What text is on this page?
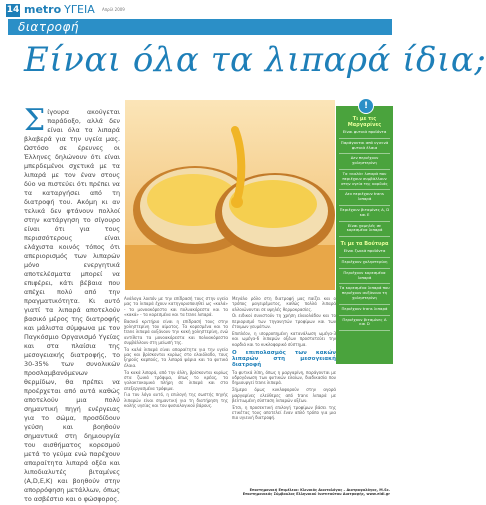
14 metro ΥΓΕΙΑ Απρίλ 2009
διατροφή
Είναι όλα τα λιπαρά ίδια;
Σίγουρα ακούγεται παράδοξο, αλλά δεν είναι όλα τα λιπαρά βλαβερά για την υγεία μας. Ωστόσο σε έρευνες οι Έλληνες δηλώνουν ότι είναι μπερδεμένοι σχετικά με τα λιπαρά με τον έναν στους δύο να πιστεύει ότι πρέπει να τα καταργήσει από τη διατροφή του. Ακόμη κι αν τελικά δεν φτάνουν πολλοί στην κατάργηση το σίγουρο είναι ότι για τους περισσότερους είναι ελάχιστα κοινός τόπος ότι απεριορισμός των λιπαρών μόνο ενεργητικά αποτελέσματα μπορεί να επιφέρει, κάτι βέβαια που απέχει πολύ από την πραγματικότητα. Κι αυτό γιατί τα λιπαρά αποτελούν βασικό μέρος της διατροφής και μάλιστα σύμφωνα με τον Παγκόσμιο Οργανισμό Υγείας και στα πλαίσια της μεσογειακής διατροφής, το 30-35% των συνολικών προσλαμβανόμενων θερμίδων, θα πρέπει να προέρχεται από αυτά καθώς αποτελούν μια πολύ σημαντική πηγή ενέργειας για το σώμα, προσδίδουν γεύση και βοηθούν σημαντικά στη δημιουργία του αισθήματος κορεσμού μετά το γεύμα ενώ παρέχουν απαραίτητα λιπαρά οξέα και λιποδιαλυτές βιταμίνες (A,D,E,K) και βοηθούν στην απορρόφηση μετάλλων, όπως το ασβέστιο και ο φώσφορος.
!

Τι με τις Μαργαρίνες

Είναι φυτικά προϊόντα

Παράγονται από υγιεινά φυτικά έλαια

Δεν περιέχουν χοληστερίνη

Τα «καλά» λιπαρά που περιέχουν συμβάλλουν στην υγεία της καρδιάς

Δεν περιέχουν trans λιπαρά

Περιέχουν βιταμίνες A, D και E

Είναι χαμηλές σε κορεσμένα λιπαρά

Τι με τα Βούτυρα

Είναι ζωικά προϊόντα

Περιέχουν χοληστερίνη

Περιέχουν κορεσμένα λιπαρά

Τα κορεσμένα λιπαρά που περιέχουν αυξάνουν τη χοληστερίνη

Περιέχουν trans λιπαρά

Περιέχουν βιταμίνες A και D

Ανάλογα λοιπόν με την επίδρασή τους στην υγεία μας τα λιπαρά έχουν κατηγοριοποιηθεί ως «καλά» - τα μονοακόρεστα και πολυακόρεστα και τα «κακά» - τα κορεσμένα και τα trans λιπαρά.

Βασικό κριτήριο είναι η επίδρασή τους στην χοληστερίνη του αίματος. Τα κορεσμένα και τα trans λιπαρά αυξάνουν την κακή χοληστερίνη, ενώ αντίθετα τα μονοακόρεστα και πολυακόρεστα συμβάλλουν στη μείωσή της.

Τα καλά λιπαρά είναι απαραίτητα για την υγεία μας και βρίσκονται κυρίως στο ελαιόλαδο, τους ξηρούς καρπούς, τα λιπαρά ψάρια και τα φυτικά έλαια.

Τα κακά λιπαρά, από την άλλη, βρίσκονται κυρίως στα ζωικά τρόφιμα, όπως το κρέας, τα γαλακτοκομικά πλήρη σε λιπαρά και στα επεξεργασμένα τρόφιμα.

Για τον λόγο αυτό, η επιλογή της σωστής πηγής λιπαρών είναι σημαντική για τη διατήρηση της καλής υγείας και του φυσιολογικού βάρους.

Μεγάλο ρόλο στη διατροφή μας παίζει και ο τρόπος μαγειρέματος, καθώς πολλά λιπαρά αλλοιώνονται σε υψηλές θερμοκρασίες.

Οι ειδικοί συνιστούν τη χρήση ελαιολάδου και το περιορισμό των τηγανητών τροφίμων και των έτοιμων γευμάτων.

Επιπλέον, η ισορροπημένη κατανάλωση ωμέγα-3 και ωμέγα-6 λιπαρών οξέων προστατεύει την καρδιά και το κυκλοφορικό σύστημα.

Ο επιπολασμός των κακών λιπαρών στη μεσογειακή διατροφή

Τα φυτικά λίπη, όπως η μαργαρίνη, παράγονται με υδρογόνωση των φυτικών ελαίων, διαδικασία που δημιουργεί trans λιπαρά.

Σήμερα όμως κυκλοφορούν στην αγορά μαργαρίνες ελεύθερες από trans λιπαρά με βελτιωμένη σύσταση λιπαρών οξέων.

Έτσι, η προσεκτική επιλογή τροφίμων βάσει της ετικέτας τους αποτελεί έναν απλό τρόπο για μια πιο υγιεινή διατροφή.

Επιστημονική Επιμέλεια: Κλινικός Διαιτολόγος – Διατροφολόγος, M.Sc. Επιστημονικός Σύμβουλος Ελληνικού Ινστιτούτου Διατροφής, www.eldi.gr
